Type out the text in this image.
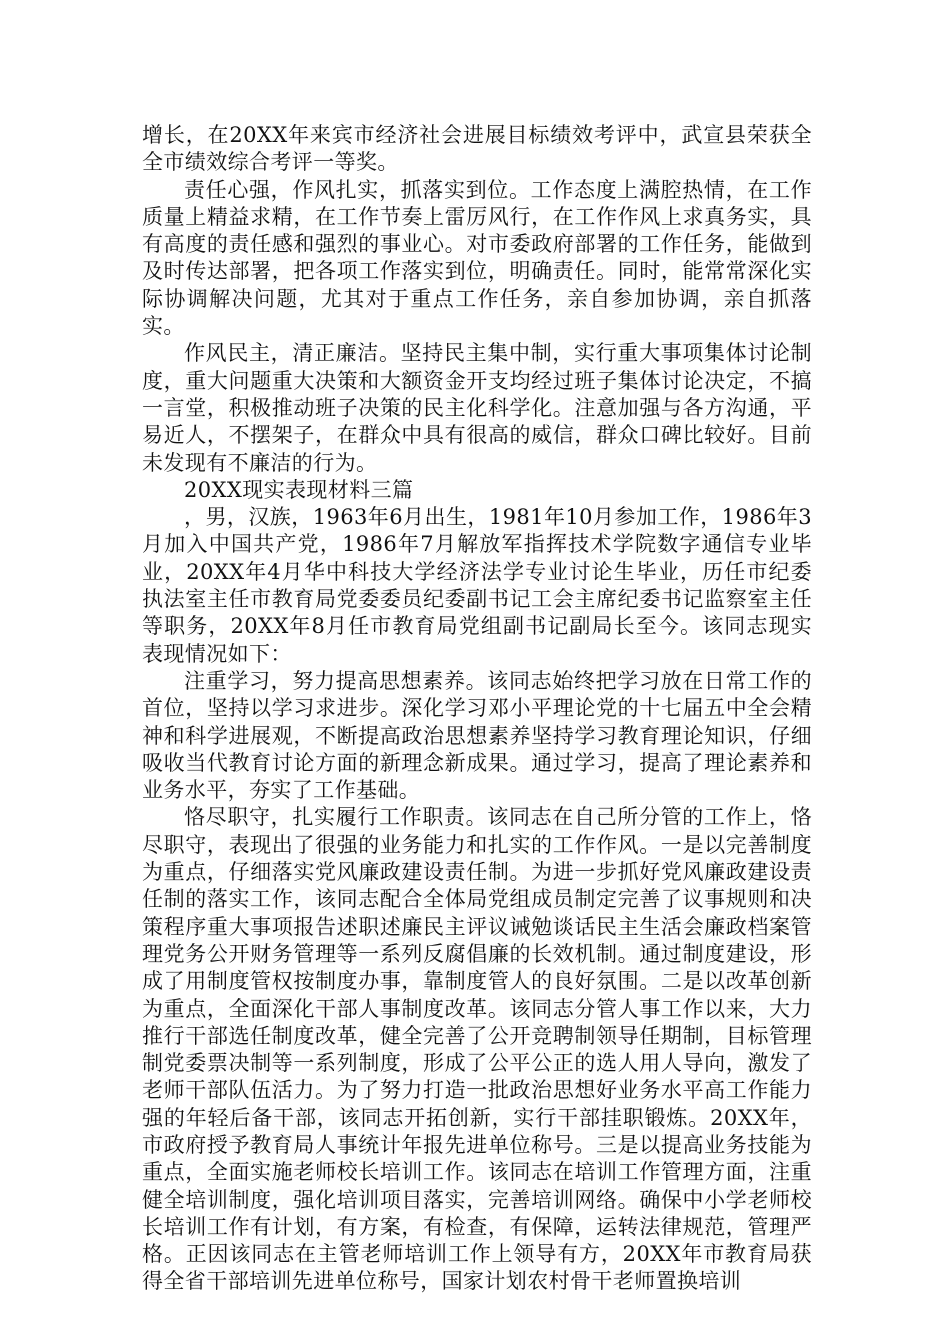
增长，在20XX年来宾市经济社会进展目标绩效考评中，武宣县荣获全全市绩效综合考评一等奖。

责任心强，作风扎实，抓落实到位。工作态度上满腔热情，在工作质量上精益求精，在工作节奏上雷厉风行，在工作作风上求真务实，具有高度的责任感和强烈的事业心。对市委政府部署的工作任务，能做到及时传达部署，把各项工作落实到位，明确责任。同时，能常常深化实际协调解决问题，尤其对于重点工作任务，亲自参加协调，亲自抓落实。

作风民主，清正廉洁。坚持民主集中制，实行重大事项集体讨论制度，重大问题重大决策和大额资金开支均经过班子集体讨论决定，不搞一言堂，积极推动班子决策的民主化科学化。注意加强与各方沟通，平易近人，不摆架子，在群众中具有很高的威信，群众口碑比较好。目前未发现有不廉洁的行为。

20XX现实表现材料三篇

，男，汉族，1963年6月出生，1981年10月参加工作，1986年3月加入中国共产党，1986年7月解放军指挥技术学院数字通信专业毕业，20XX年4月华中科技大学经济法学专业讨论生毕业，历任市纪委执法室主任市教育局党委委员纪委副书记工会主席纪委书记监察室主任等职务，20XX年8月任市教育局党组副书记副局长至今。该同志现实表现情况如下：

注重学习，努力提高思想素养。该同志始终把学习放在日常工作的首位，坚持以学习求进步。深化学习邓小平理论党的十七届五中全会精神和科学进展观，不断提高政治思想素养坚持学习教育理论知识，仔细吸收当代教育讨论方面的新理念新成果。通过学习，提高了理论素养和业务水平，夯实了工作基础。

恪尽职守，扎实履行工作职责。该同志在自己所分管的工作上，恪尽职守，表现出了很强的业务能力和扎实的工作作风。一是以完善制度为重点，仔细落实党风廉政建设责任制。为进一步抓好党风廉政建设责任制的落实工作，该同志配合全体局党组成员制定完善了议事规则和决策程序重大事项报告述职述廉民主评议诫勉谈话民主生活会廉政档案管理党务公开财务管理等一系列反腐倡廉的长效机制。通过制度建设，形成了用制度管权按制度办事，靠制度管人的良好氛围。二是以改革创新为重点，全面深化干部人事制度改革。该同志分管人事工作以来，大力推行干部选任制度改革，健全完善了公开竞聘制领导任期制，目标管理制党委票决制等一系列制度，形成了公平公正的选人用人导向，激发了老师干部队伍活力。为了努力打造一批政治思想好业务水平高工作能力强的年轻后备干部，该同志开拓创新，实行干部挂职锻炼。20XX年，市政府授予教育局人事统计年报先进单位称号。三是以提高业务技能为重点，全面实施老师校长培训工作。该同志在培训工作管理方面，注重健全培训制度，强化培训项目落实，完善培训网络。确保中小学老师校长培训工作有计划，有方案，有检查，有保障，运转法律规范，管理严格。正因该同志在主管老师培训工作上领导有方，20XX年市教育局获得全省干部培训先进单位称号，国家计划农村骨干老师置换培训
